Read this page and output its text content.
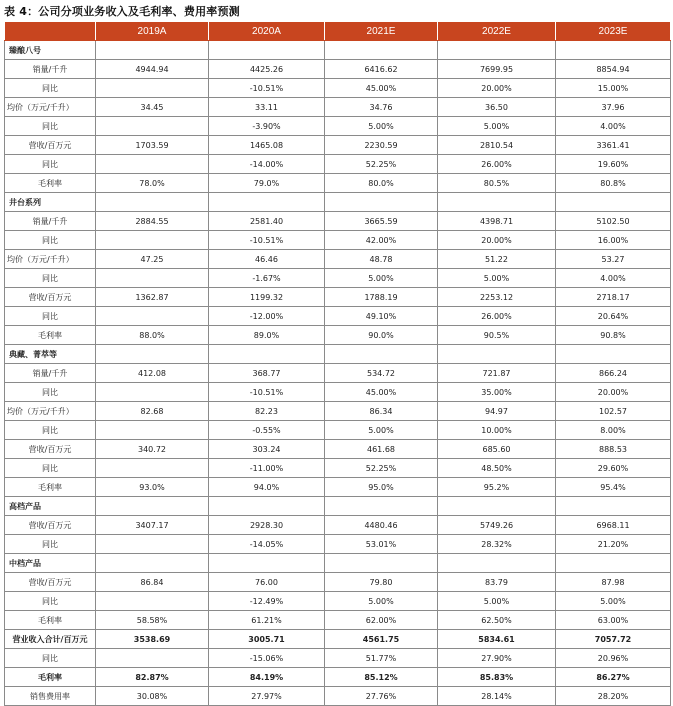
表 4：公司分项业务收入及毛利率、费用率预测
	2019A	2020A	2021E	2022E	2023E
臻酿八号					
销量/千升	4944.94	4425.26	6416.62	7699.95	8854.94
同比		-10.51%	45.00%	20.00%	15.00%
均价（万元/千升）	34.45	33.11	34.76	36.50	37.96
同比		-3.90%	5.00%	5.00%	4.00%
营收/百万元	1703.59	1465.08	2230.59	2810.54	3361.41
同比		-14.00%	52.25%	26.00%	19.60%
毛利率	78.0%	79.0%	80.0%	80.5%	80.8%
井台系列					
销量/千升	2884.55	2581.40	3665.59	4398.71	5102.50
同比		-10.51%	42.00%	20.00%	16.00%
均价（万元/千升）	47.25	46.46	48.78	51.22	53.27
同比		-1.67%	5.00%	5.00%	4.00%
营收/百万元	1362.87	1199.32	1788.19	2253.12	2718.17
同比		-12.00%	49.10%	26.00%	20.64%
毛利率	88.0%	89.0%	90.0%	90.5%	90.8%
典藏、菁萃等					
销量/千升	412.08	368.77	534.72	721.87	866.24
同比		-10.51%	45.00%	35.00%	20.00%
均价（万元/千升）	82.68	82.23	86.34	94.97	102.57
同比		-0.55%	5.00%	10.00%	8.00%
营收/百万元	340.72	303.24	461.68	685.60	888.53
同比		-11.00%	52.25%	48.50%	29.60%
毛利率	93.0%	94.0%	95.0%	95.2%	95.4%
高档产品					
营收/百万元	3407.17	2928.30	4480.46	5749.26	6968.11
同比		-14.05%	53.01%	28.32%	21.20%
中档产品					
营收/百万元	86.84	76.00	79.80	83.79	87.98
同比		-12.49%	5.00%	5.00%	5.00%
毛利率	58.58%	61.21%	62.00%	62.50%	63.00%
营业收入合计/百万元	3538.69	3005.71	4561.75	5834.61	7057.72
同比		-15.06%	51.77%	27.90%	20.96%
毛利率	82.87%	84.19%	85.12%	85.83%	86.27%
销售费用率	30.08%	27.97%	27.76%	28.14%	28.20%
